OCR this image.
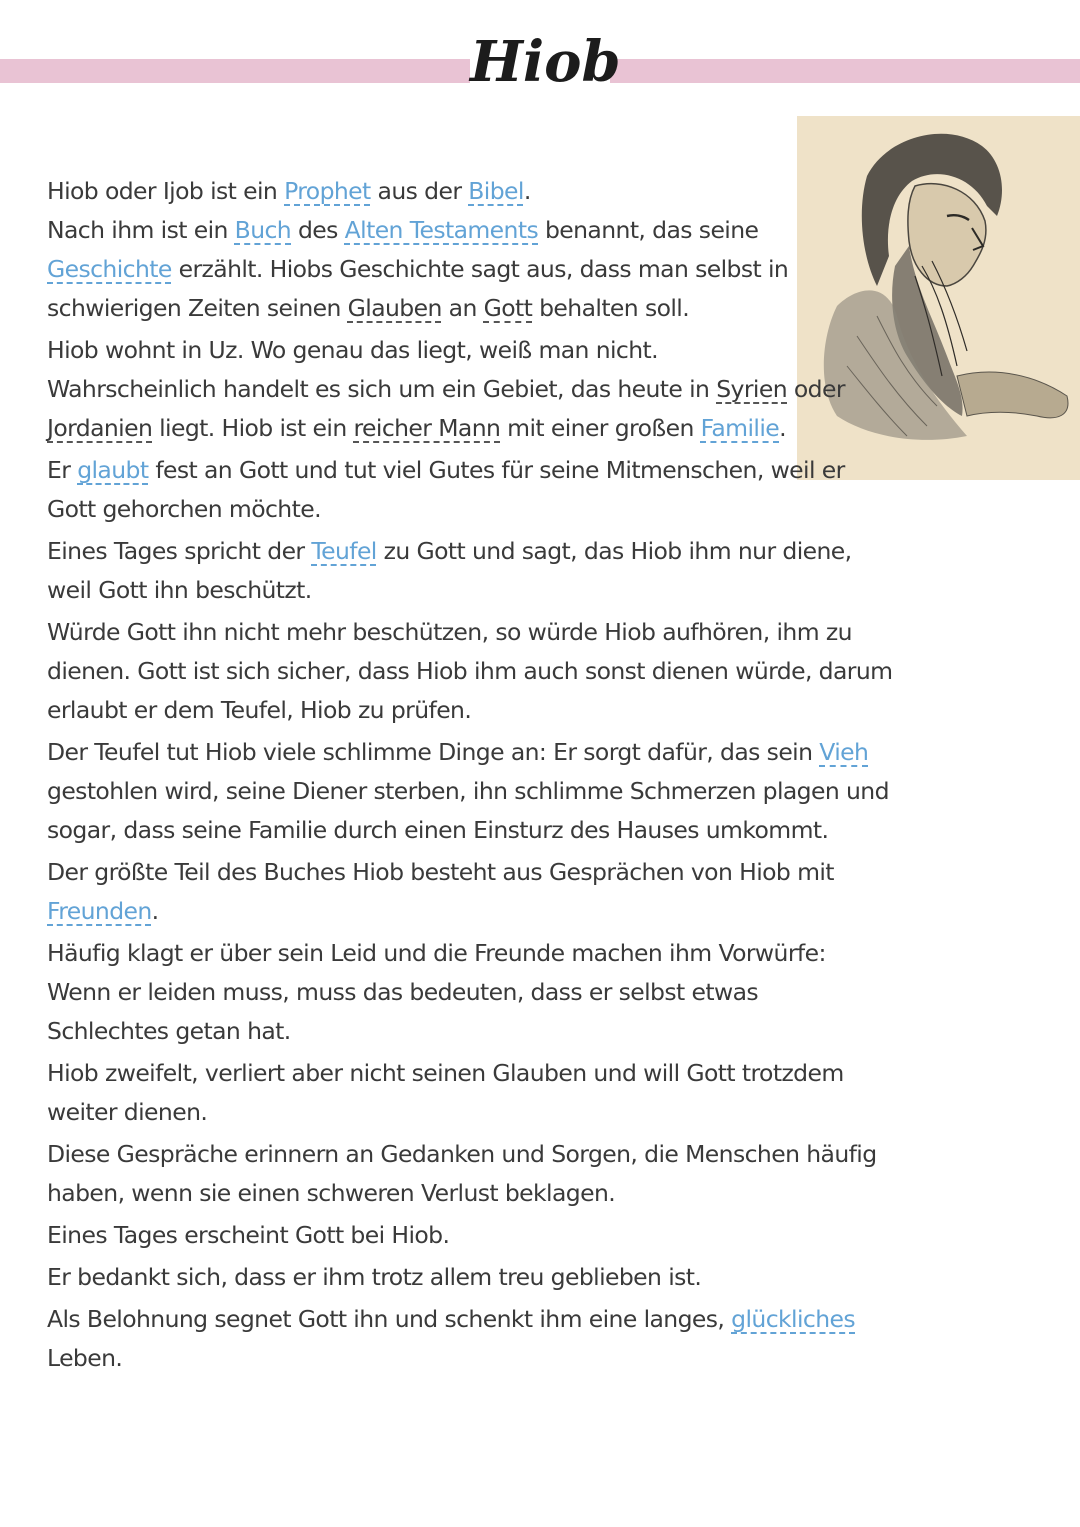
Hiob
Hiob oder Ijob ist ein Prophet aus der Bibel.
Nach ihm ist ein Buch des Alten Testaments benannt, das seine
Geschichte erzählt. Hiobs Geschichte sagt aus, dass man selbst in
schwierigen Zeiten seinen Glauben an Gott behalten soll.
Hiob wohnt in Uz. Wo genau das liegt, weiß man nicht.
Wahrscheinlich handelt es sich um ein Gebiet, das heute in Syrien oder
Jordanien liegt. Hiob ist ein reicher Mann mit einer großen Familie.
Er glaubt fest an Gott und tut viel Gutes für seine Mitmenschen, weil er
Gott gehorchen möchte.
Eines Tages spricht der Teufel zu Gott und sagt, das Hiob ihm nur diene,
weil Gott ihn beschützt.
Würde Gott ihn nicht mehr beschützen, so würde Hiob aufhören, ihm zu
dienen. Gott ist sich sicher, dass Hiob ihm auch sonst dienen würde, darum
erlaubt er dem Teufel, Hiob zu prüfen.
Der Teufel tut Hiob viele schlimme Dinge an: Er sorgt dafür, das sein Vieh
gestohlen wird, seine Diener sterben, ihn schlimme Schmerzen plagen und
sogar, dass seine Familie durch einen Einsturz des Hauses umkommt.
Der größte Teil des Buches Hiob besteht aus Gesprächen von Hiob mit
Freunden.
Häufig klagt er über sein Leid und die Freunde machen ihm Vorwürfe:
Wenn er leiden muss, muss das bedeuten, dass er selbst etwas
Schlechtes getan hat.
Hiob zweifelt, verliert aber nicht seinen Glauben und will Gott trotzdem
weiter dienen.
Diese Gespräche erinnern an Gedanken und Sorgen, die Menschen häufig
haben, wenn sie einen schweren Verlust beklagen.
Eines Tages erscheint Gott bei Hiob.
Er bedankt sich, dass er ihm trotz allem treu geblieben ist.
Als Belohnung segnet Gott ihn und schenkt ihm eine langes, glückliches
Leben.
